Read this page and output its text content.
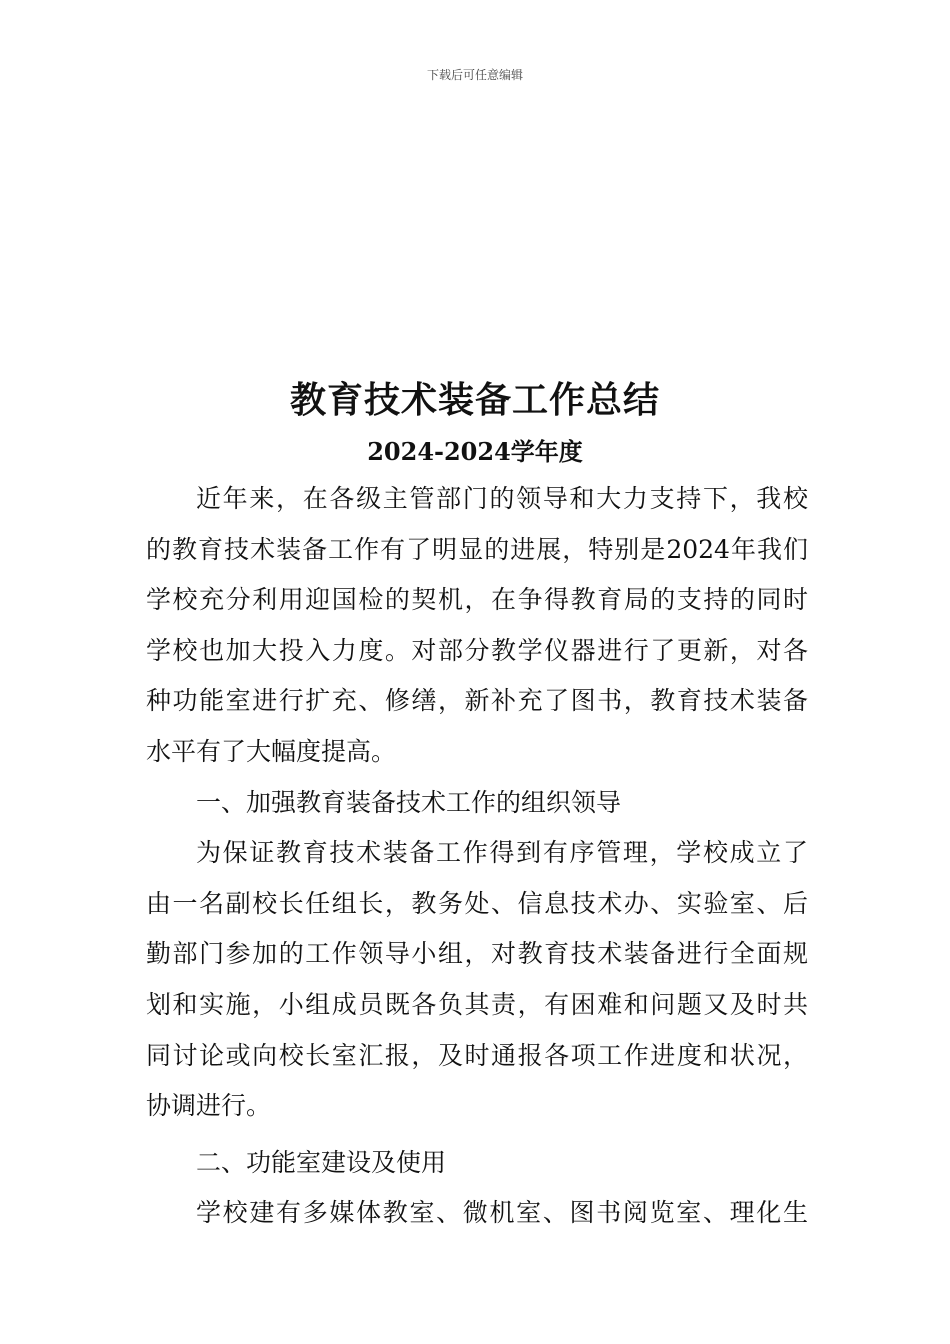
下载后可任意编辑
教育技术装备工作总结
2024-2024学年度
近年来，在各级主管部门的领导和大力支持下，我校
的教育技术装备工作有了明显的进展，特别是2024年我们
学校充分利用迎国检的契机，在争得教育局的支持的同时
学校也加大投入力度。对部分教学仪器进行了更新，对各
种功能室进行扩充、修缮，新补充了图书，教育技术装备
水平有了大幅度提高。
一、加强教育装备技术工作的组织领导
为保证教育技术装备工作得到有序管理，学校成立了
由一名副校长任组长，教务处、信息技术办、实验室、后
勤部门参加的工作领导小组，对教育技术装备进行全面规
划和实施，小组成员既各负其责，有困难和问题又及时共
同讨论或向校长室汇报，及时通报各项工作进度和状况，
协调进行。
二、功能室建设及使用
学校建有多媒体教室、微机室、图书阅览室、理化生
